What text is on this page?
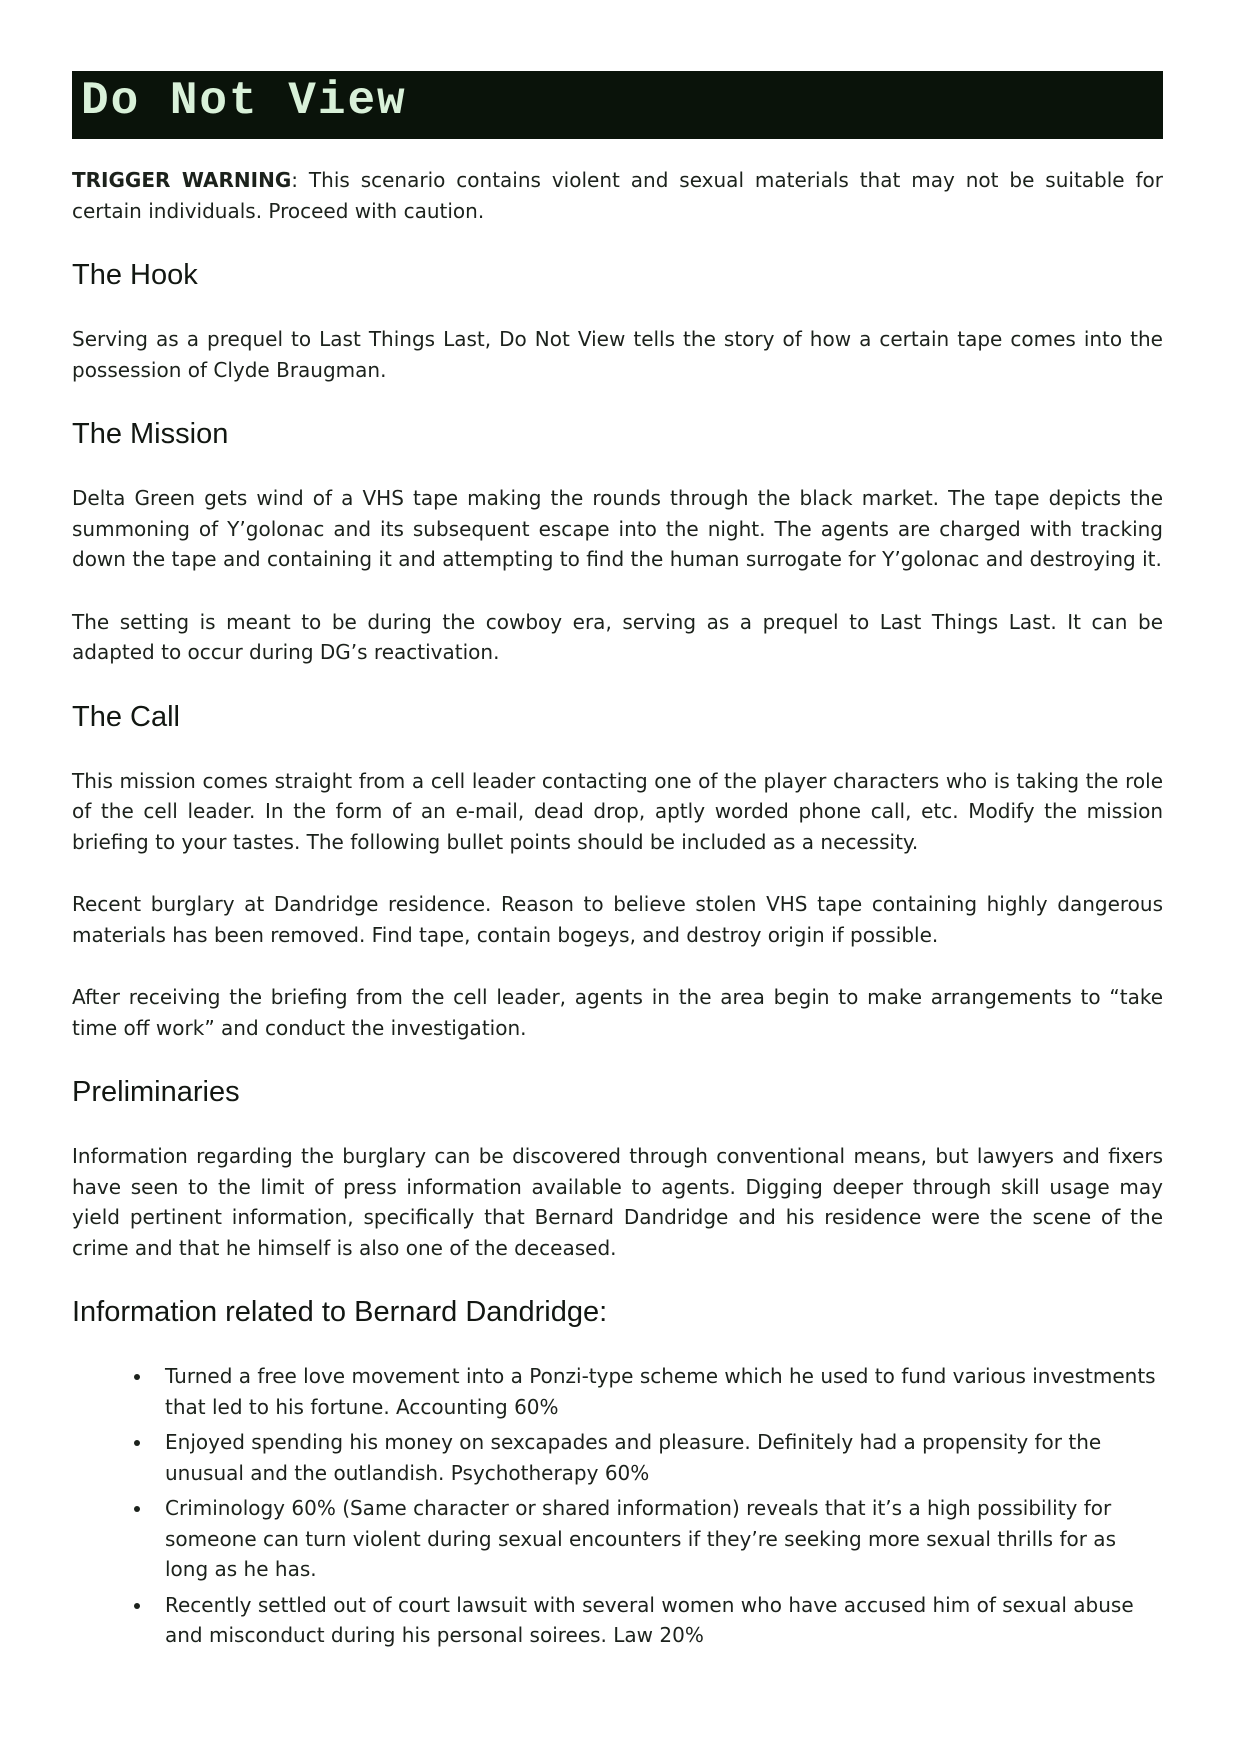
Do Not View

TRIGGER WARNING: This scenario contains violent and sexual materials that may not be suitable for certain individuals. Proceed with caution.

The Hook

Serving as a prequel to Last Things Last, Do Not View tells the story of how a certain tape comes into the possession of Clyde Braugman.

The Mission

Delta Green gets wind of a VHS tape making the rounds through the black market. The tape depicts the summoning of Y’golonac and its subsequent escape into the night. The agents are charged with tracking down the tape and containing it and attempting to find the human surrogate for Y’golonac and destroying it.

The setting is meant to be during the cowboy era, serving as a prequel to Last Things Last. It can be adapted to occur during DG’s reactivation.

The Call

This mission comes straight from a cell leader contacting one of the player characters who is taking the role of the cell leader. In the form of an e-mail, dead drop, aptly worded phone call, etc. Modify the mission briefing to your tastes. The following bullet points should be included as a necessity.

Recent burglary at Dandridge residence. Reason to believe stolen VHS tape containing highly dangerous materials has been removed. Find tape, contain bogeys, and destroy origin if possible.

After receiving the briefing from the cell leader, agents in the area begin to make arrangements to “take time off work” and conduct the investigation.

Preliminaries

Information regarding the burglary can be discovered through conventional means, but lawyers and fixers have seen to the limit of press information available to agents. Digging deeper through skill usage may yield pertinent information, specifically that Bernard Dandridge and his residence were the scene of the crime and that he himself is also one of the deceased.

Information related to Bernard Dandridge:
• Turned a free love movement into a Ponzi-type scheme which he used to fund various investments that led to his fortune. Accounting 60%
• Enjoyed spending his money on sexcapades and pleasure. Definitely had a propensity for the unusual and the outlandish. Psychotherapy 60%
• Criminology 60% (Same character or shared information) reveals that it’s a high possibility for someone can turn violent during sexual encounters if they’re seeking more sexual thrills for as long as he has.
• Recently settled out of court lawsuit with several women who have accused him of sexual abuse and misconduct during his personal soirees. Law 20%
